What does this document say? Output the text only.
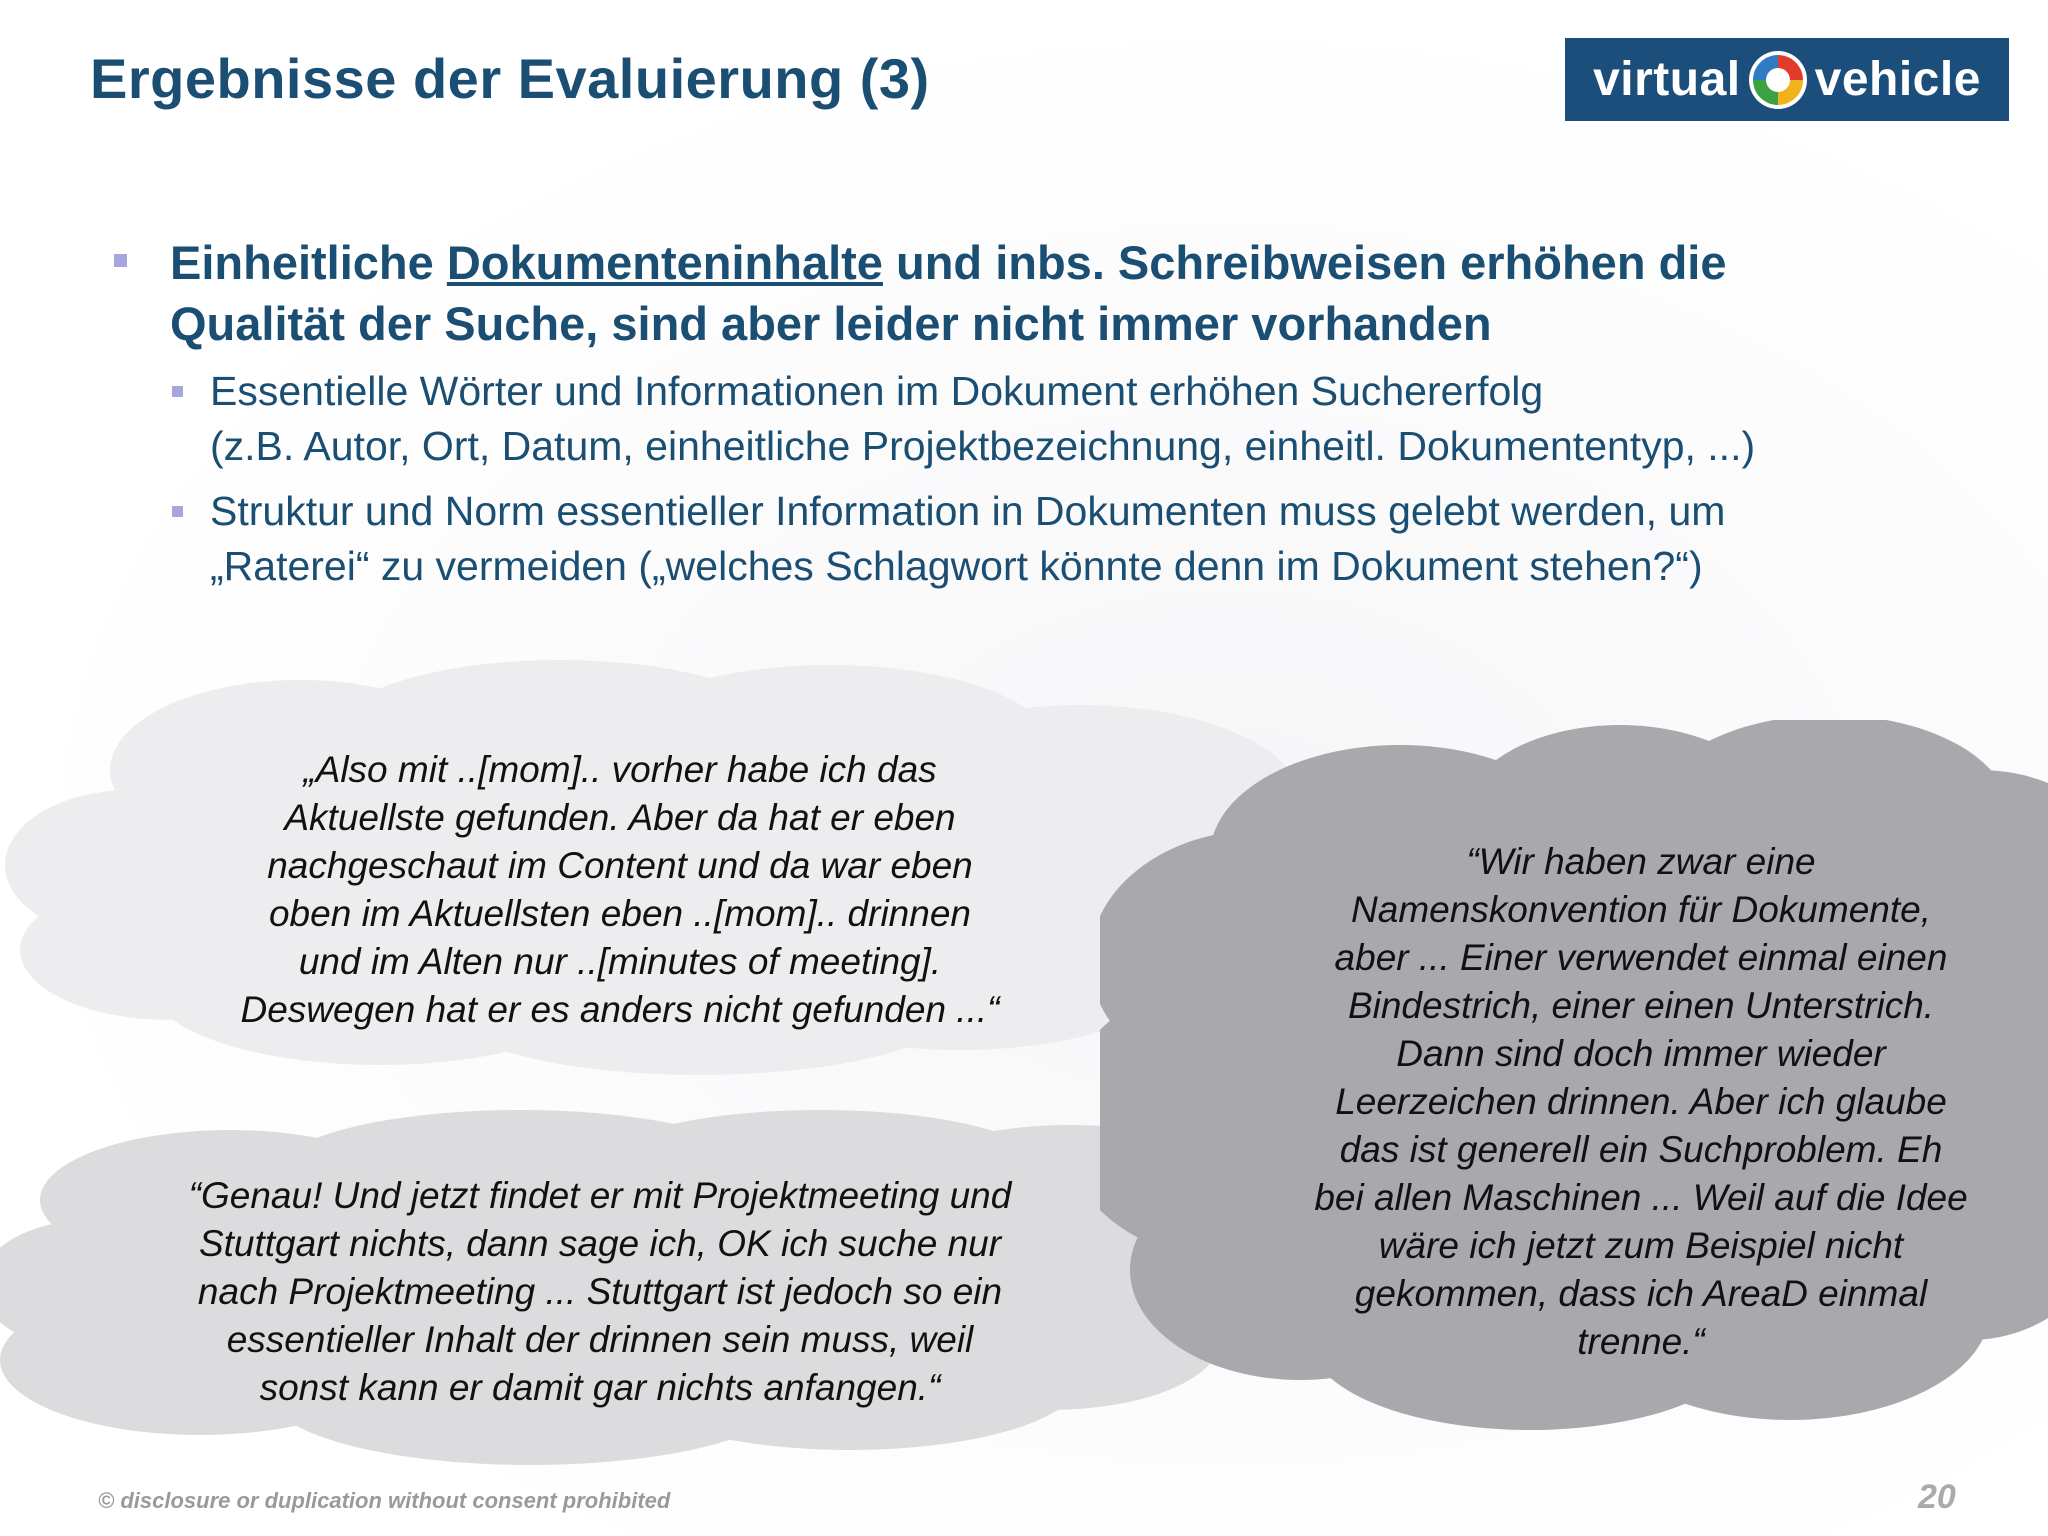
Ergebnisse der Evaluierung (3)	virtual vehicle
Einheitliche Dokumenteninhalte und inbs. Schreibweisen erhöhen die
Qualität der Suche, sind aber leider nicht immer vorhanden
Essentielle Wörter und Informationen im Dokument erhöhen Suchererfolg
(z.B. Autor, Ort, Datum, einheitliche Projektbezeichnung, einheitl. Dokumententyp, ...)
Struktur und Norm essentieller Information in Dokumenten muss gelebt werden, um
„Raterei“ zu vermeiden („welches Schlagwort könnte denn im Dokument stehen?“)
„Also mit ..[mom].. vorher habe ich das
Aktuellste gefunden. Aber da hat er eben
nachgeschaut im Content und da war eben
oben im Aktuellsten eben ..[mom].. drinnen
und im Alten nur ..[minutes of meeting].
Deswegen hat er es anders nicht gefunden ...“
“Genau! Und jetzt findet er mit Projektmeeting und
Stuttgart nichts, dann sage ich, OK ich suche nur
nach Projektmeeting ... Stuttgart ist jedoch so ein
essentieller Inhalt der drinnen sein muss, weil
sonst kann er damit gar nichts anfangen.“
“Wir haben zwar eine
Namenskonvention für Dokumente,
aber ... Einer verwendet einmal einen
Bindestrich, einer einen Unterstrich.
Dann sind doch immer wieder
Leerzeichen drinnen. Aber ich glaube
das ist generell ein Suchproblem. Eh
bei allen Maschinen ... Weil auf die Idee
wäre ich jetzt zum Beispiel nicht
gekommen, dass ich AreaD einmal
trenne.“
© disclosure or duplication without consent prohibited	20
